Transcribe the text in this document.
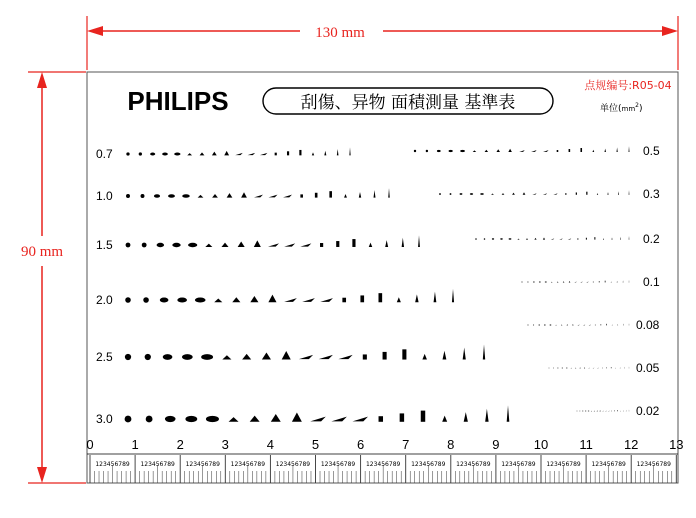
130 mm
90 mm
PHILIPS	刮傷、异物 面積測量 基準表
点规编号:R05-04
单位$(mm^2)$
0.7
1.0
1.5
2.0
2.5
3.0
0.5
0.3
0.2
0.1
0.08
0.05
0.02
0
123456789
1
123456789
2
123456789
3
123456789
4
123456789
5
123456789
6
123456789
7
123456789
8
123456789
9
123456789
10
123456789
11
123456789
12
123456789
13
